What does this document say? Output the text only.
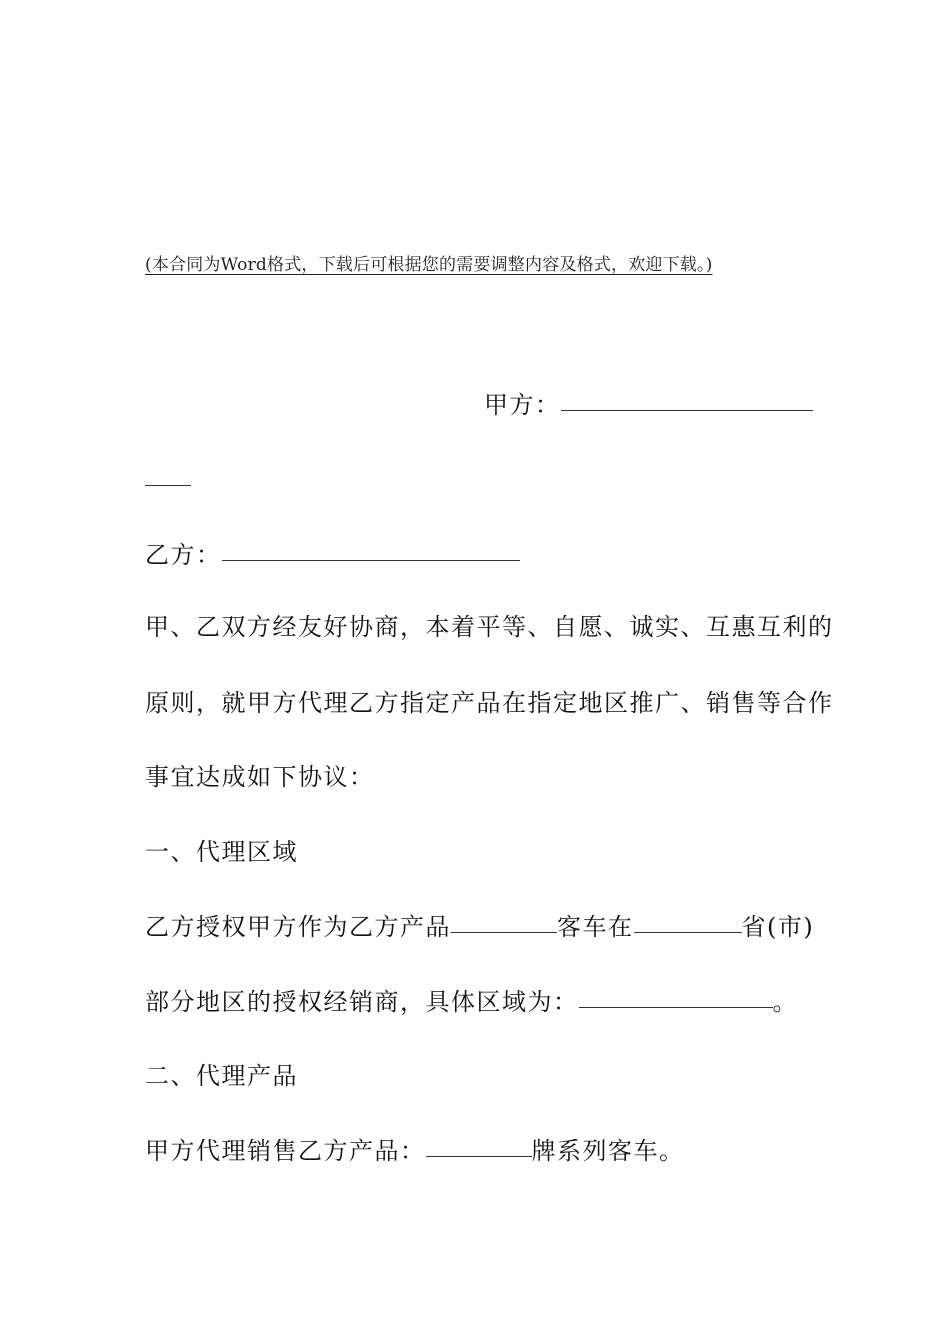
(本合同为Word格式，下载后可根据您的需要调整内容及格式，欢迎下载。)
甲方：
乙方：
甲、乙双方经友好协商，本着平等、自愿、诚实、互惠互利的
原则，就甲方代理乙方指定产品在指定地区推广、销售等合作
事宜达成如下协议：
一、代理区域
乙方授权甲方作为乙方产品	客车在	省(市)
部分地区的授权经销商，具体区域为：	。
二、代理产品
甲方代理销售乙方产品：	牌系列客车。
